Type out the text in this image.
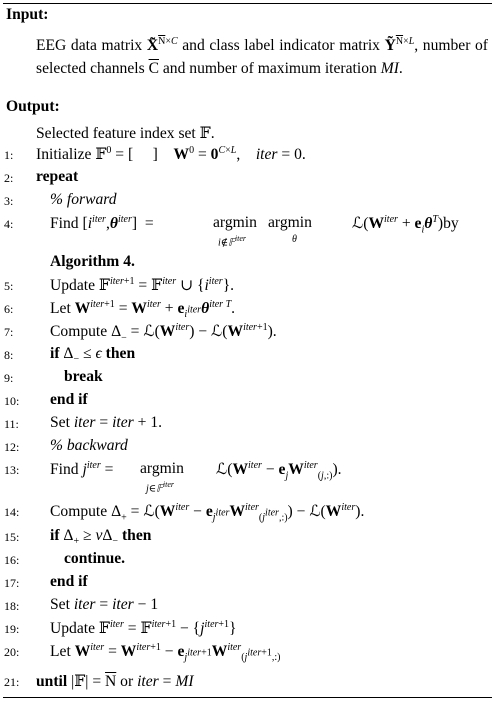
Input:
EEG data matrix X̃$^{\overline{N}\times C}$ and class label indicator matrix Ỹ$^{\overline{N}\times L}$, number of selected channels $\overline{C}$ and number of maximum iteration MI.
Output:
Selected feature index set 𝔽.
1:	Initialize 𝔽$^0$ = [     ]    $W^0 = 0^{C\times L}$,    iter = 0.
2:	repeat
3:	% forward
4:	Find $[i^{iter},\theta^{iter}]$  =	argmin
i∉𝔽$^{iter}$
argmin
θ
$ℒ(W^{iter} + e_i\theta^T)by$
Algorithm 4.
5:	Update 𝔽$^{iter+1}$ = 𝔽$^{iter}$ ∪ $\{i^{iter}\}$.
6:	Let $W^{iter+1} = W^{iter} + e_{i^{iter}}\theta^{iter T}$.
7:	Compute $\Delta_-$ = $ℒ(W^{iter})$ − $ℒ(W^{iter+1})$.
8:	if $\Delta_- \le \epsilon$ then
9:	break
10:	end if
11:	Set iter = iter + 1.
12:	% backward
13:	Find $j^{iter} = argmin$
j∈𝔽$^{iter}$
$ℒ(W^{iter} - e_jW^{iter}_{(j,:)})$.
14:	Compute $\Delta_+$ = $ℒ(W^{iter} - e_{j^{iter}}W^{iter}_{(j^{iter},:)})$ − $ℒ(W^{iter})$.
15:	if $\Delta_+ \ge \nu\Delta_-$ then
16:	continue.
17:	end if
18:	Set iter = iter − 1
19:	Update 𝔽$^{iter}$ = 𝔽$^{iter+1}$ − $\{j^{iter+1}\}$
20:	Let $W^{iter} = W^{iter+1} - e_{j^{iter+1}}W^{iter}_{(j^{iter+1},:)}$
21:	until |𝔽| = $\overline{N}$ or iter = MI
